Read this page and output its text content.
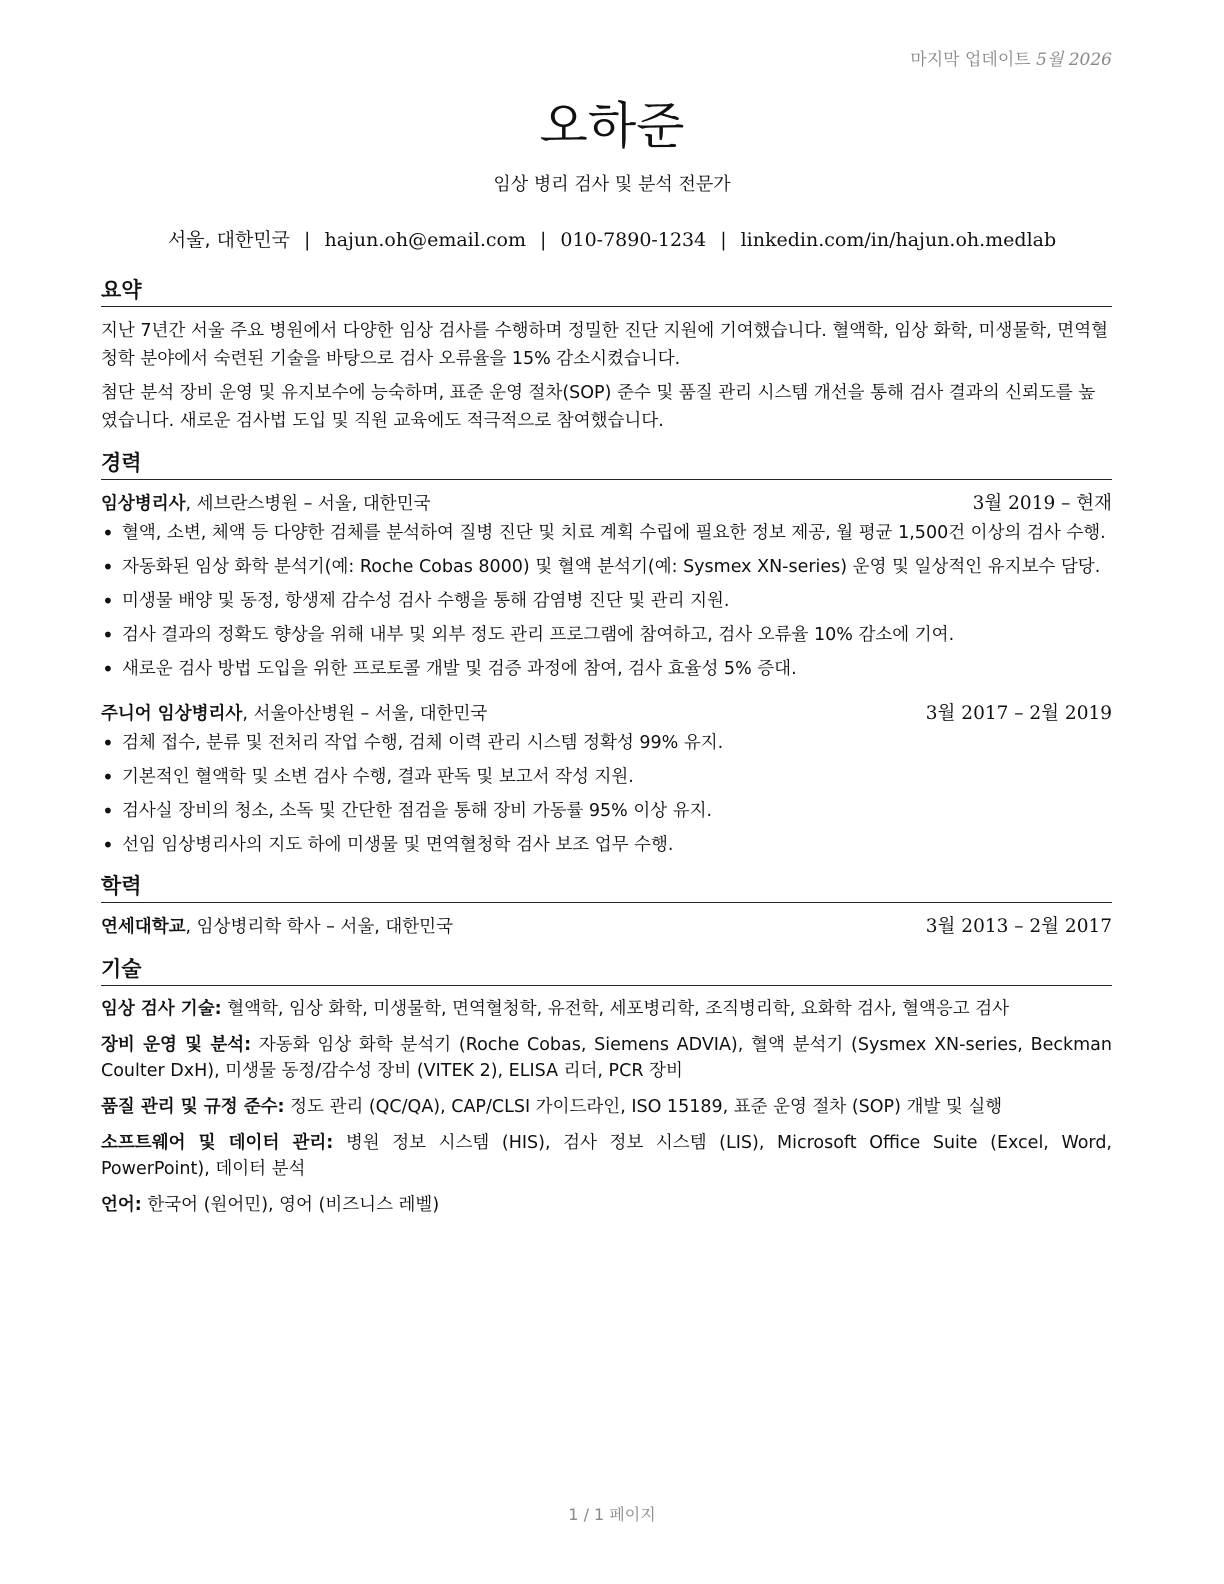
마지막 업데이트 5월 2026
오하준
임상 병리 검사 및 분석 전문가
서울, 대한민국 | hajun.oh@email.com | 010-7890-1234 | linkedin.com/in/hajun.oh.medlab
요약

지난 7년간 서울 주요 병원에서 다양한 임상 검사를 수행하며 정밀한 진단 지원에 기여했습니다. 혈액학, 임상 화학, 미생물학, 면역혈청학 분야에서 숙련된 기술을 바탕으로 검사 오류율을 15% 감소시켰습니다.

첨단 분석 장비 운영 및 유지보수에 능숙하며, 표준 운영 절차(SOP) 준수 및 품질 관리 시스템 개선을 통해 검사 결과의 신뢰도를 높였습니다. 새로운 검사법 도입 및 직원 교육에도 적극적으로 참여했습니다.

경력
임상병리사, 세브란스병원 – 서울, 대한민국	3월 2019 – 현재
• 혈액, 소변, 체액 등 다양한 검체를 분석하여 질병 진단 및 치료 계획 수립에 필요한 정보 제공, 월 평균 1,500건 이상의 검사 수행.
• 자동화된 임상 화학 분석기(예: Roche Cobas 8000) 및 혈액 분석기(예: Sysmex XN-series) 운영 및 일상적인 유지보수 담당.
• 미생물 배양 및 동정, 항생제 감수성 검사 수행을 통해 감염병 진단 및 관리 지원.
• 검사 결과의 정확도 향상을 위해 내부 및 외부 정도 관리 프로그램에 참여하고, 검사 오류율 10% 감소에 기여.
• 새로운 검사 방법 도입을 위한 프로토콜 개발 및 검증 과정에 참여, 검사 효율성 5% 증대.
주니어 임상병리사, 서울아산병원 – 서울, 대한민국	3월 2017 – 2월 2019
• 검체 접수, 분류 및 전처리 작업 수행, 검체 이력 관리 시스템 정확성 99% 유지.
• 기본적인 혈액학 및 소변 검사 수행, 결과 판독 및 보고서 작성 지원.
• 검사실 장비의 청소, 소독 및 간단한 점검을 통해 장비 가동률 95% 이상 유지.
• 선임 임상병리사의 지도 하에 미생물 및 면역혈청학 검사 보조 업무 수행.
학력
연세대학교, 임상병리학 학사 – 서울, 대한민국	3월 2013 – 2월 2017
기술
임상 검사 기술: 혈액학, 임상 화학, 미생물학, 면역혈청학, 유전학, 세포병리학, 조직병리학, 요화학 검사, 혈액응고 검사
장비 운영 및 분석: 자동화 임상 화학 분석기 (Roche Cobas, Siemens ADVIA), 혈액 분석기 (Sysmex XN-series, Beckman Coulter DxH), 미생물 동정/감수성 장비 (VITEK 2), ELISA 리더, PCR 장비
품질 관리 및 규정 준수: 정도 관리 (QC/QA), CAP/CLSI 가이드라인, ISO 15189, 표준 운영 절차 (SOP) 개발 및 실행
소프트웨어 및 데이터 관리: 병원 정보 시스템 (HIS), 검사 정보 시스템 (LIS), Microsoft Office Suite (Excel, Word, PowerPoint), 데이터 분석
언어: 한국어 (원어민), 영어 (비즈니스 레벨)
1 / 1 페이지
